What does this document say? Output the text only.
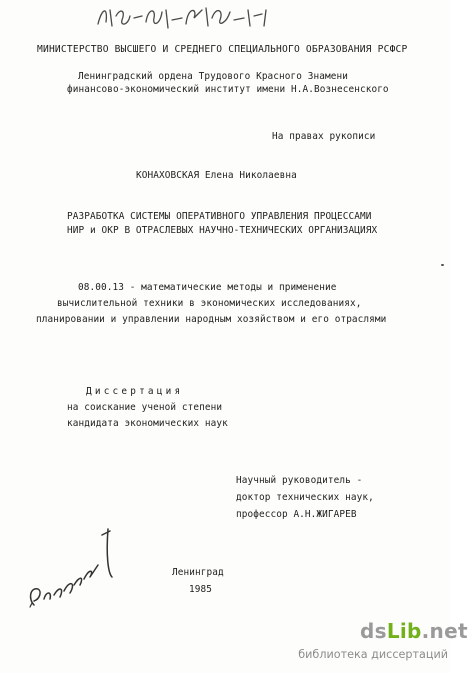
МИНИСТЕРСТВО ВЫСШЕГО И СРЕДНЕГО СПЕЦИАЛЬНОГО ОБРАЗОВАНИЯ РСФСР
Ленинградский ордена Трудового Красного Знамени
финансово-экономический институт имени Н.А.Вознесенского
На правах рукописи
КОНАХОВСКАЯ Елена Николаевна
РАЗРАБОТКА СИСТЕМЫ ОПЕРАТИВНОГО УПРАВЛЕНИЯ ПРОЦЕССАМИ
НИР и ОКР В ОТРАСЛЕВЫХ НАУЧНО-ТЕХНИЧЕСКИХ ОРГАНИЗАЦИЯХ
08.00.13 - математические методы и применение
вычислительной техники в экономических исследованиях,
планировании и управлении народным хозяйством и его отраслями
Диссертация
на соискание ученой степени
кандидата экономических наук
Научный руководитель -
доктор технических наук,
профессор А.Н.ЖИГАРЕВ
Ленинград
1985
dsLib.net
библиотека диссертаций
